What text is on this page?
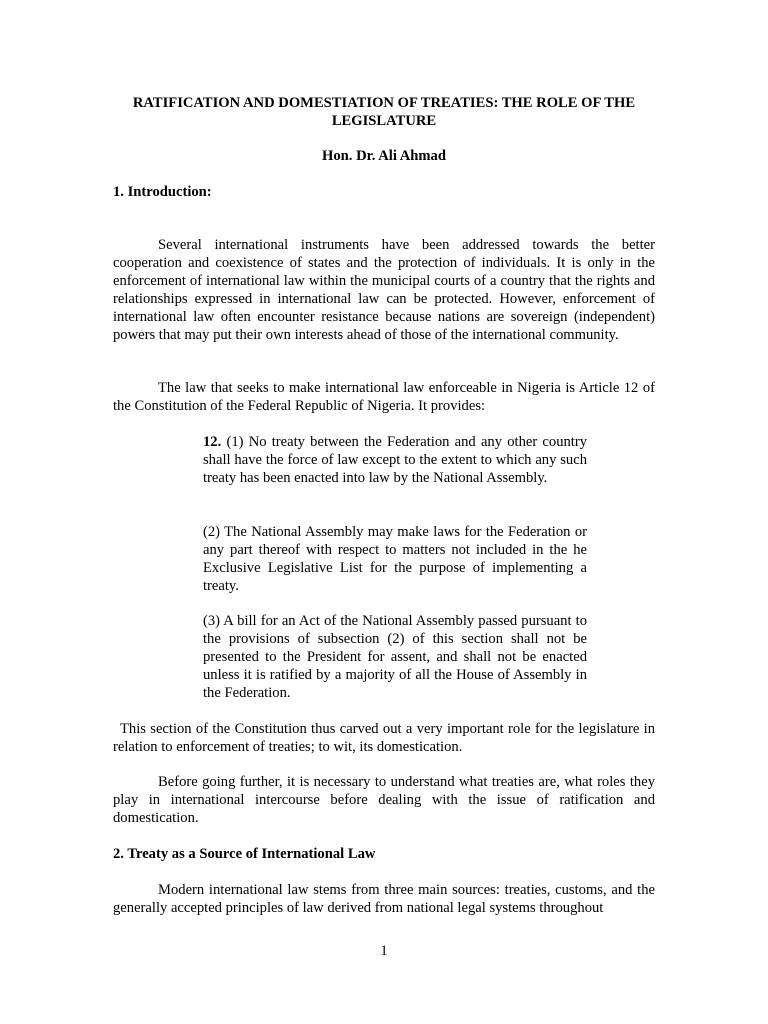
RATIFICATION AND DOMESTIATION OF TREATIES: THE ROLE OF THE LEGISLATURE
Hon. Dr. Ali Ahmad
1. Introduction:
Several international instruments have been addressed towards the better cooperation and coexistence of states and the protection of individuals. It is only in the enforcement of international law within the municipal courts of a country that the rights and relationships expressed in international law can be protected. However, enforcement of international law often encounter resistance because nations are sovereign (independent) powers that may put their own interests ahead of those of the international community.
The law that seeks to make international law enforceable in Nigeria is Article 12 of the Constitution of the Federal Republic of Nigeria. It provides:
12. (1) No treaty between the Federation and any other country shall have the force of law except to the extent to which any such treaty has been enacted into law by the National Assembly.
(2) The National Assembly may make laws for the Federation or any part thereof with respect to matters not included in the he Exclusive Legislative List for the purpose of implementing a treaty.
(3) A bill for an Act of the National Assembly passed pursuant to the provisions of subsection (2) of this section shall not be presented to the President for assent, and shall not be enacted unless it is ratified by a majority of all the House of Assembly in the Federation.
This section of the Constitution thus carved out a very important role for the legislature in relation to enforcement of treaties; to wit, its domestication.
Before going further, it is necessary to understand what treaties are, what roles they play in international intercourse before dealing with the issue of ratification and domestication.
2. Treaty as a Source of International Law
Modern international law stems from three main sources: treaties, customs, and the generally accepted principles of law derived from national legal systems throughout
1
